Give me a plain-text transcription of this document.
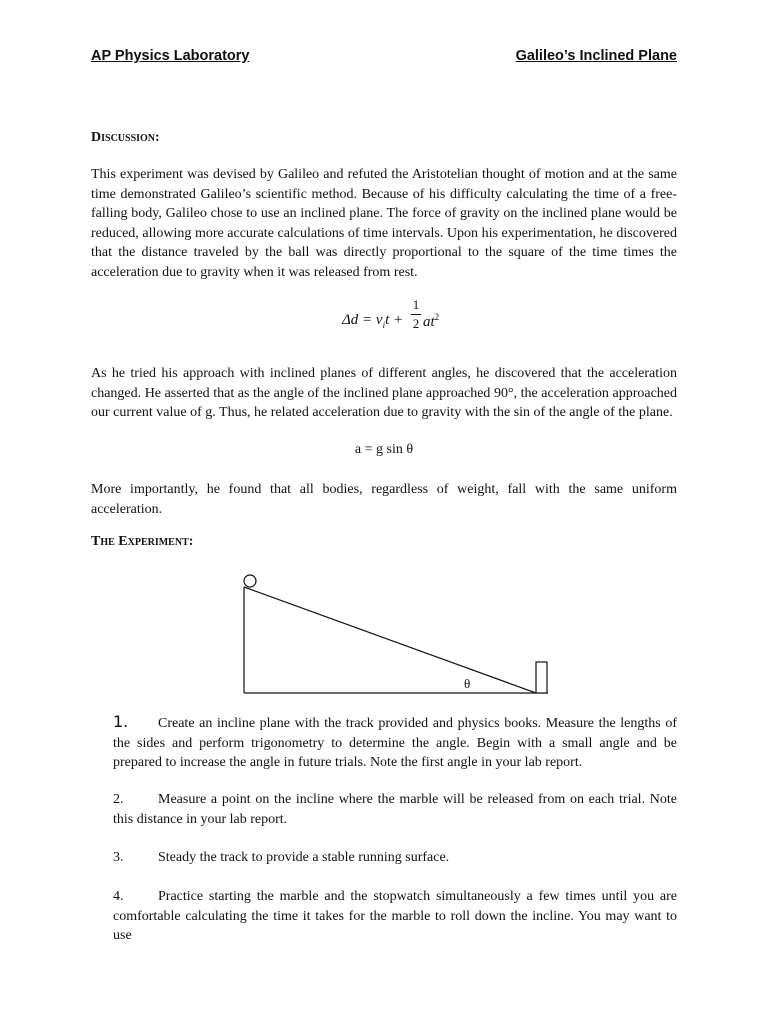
AP Physics Laboratory	Galileo’s Inclined Plane
Discussion:

This experiment was devised by Galileo and refuted the Aristotelian thought of motion and at the same time demonstrated Galileo’s scientific method. Because of his difficulty calculating the time of a free-falling body, Galileo chose to use an inclined plane. The force of gravity on the inclined plane would be reduced, allowing more accurate calculations of time intervals. Upon his experimentation, he discovered that the distance traveled by the ball was directly proportional to the square of the time times the acceleration due to gravity when it was released from rest.

$\Delta d = v_it$ +
1
2 $at^2$

As he tried his approach with inclined planes of different angles, he discovered that the acceleration changed. He asserted that as the angle of the inclined plane approached 90°, the acceleration approached our current value of g. Thus, he related acceleration due to gravity with the sin of the angle of the plane.

a = g sin θ

More importantly, he found that all bodies, regardless of weight, fall with the same uniform acceleration.

The Experiment:
θ

1. Create an incline plane with the track provided and physics books. Measure the lengths of the sides and perform trigonometry to determine the angle. Begin with a small angle and be prepared to increase the angle in future trials. Note the first angle in your lab report.

2. Measure a point on the incline where the marble will be released from on each trial. Note this distance in your lab report.

3. Steady the track to provide a stable running surface.

4. Practice starting the marble and the stopwatch simultaneously a few times until you are comfortable calculating the time it takes for the marble to roll down the incline. You may want to use
